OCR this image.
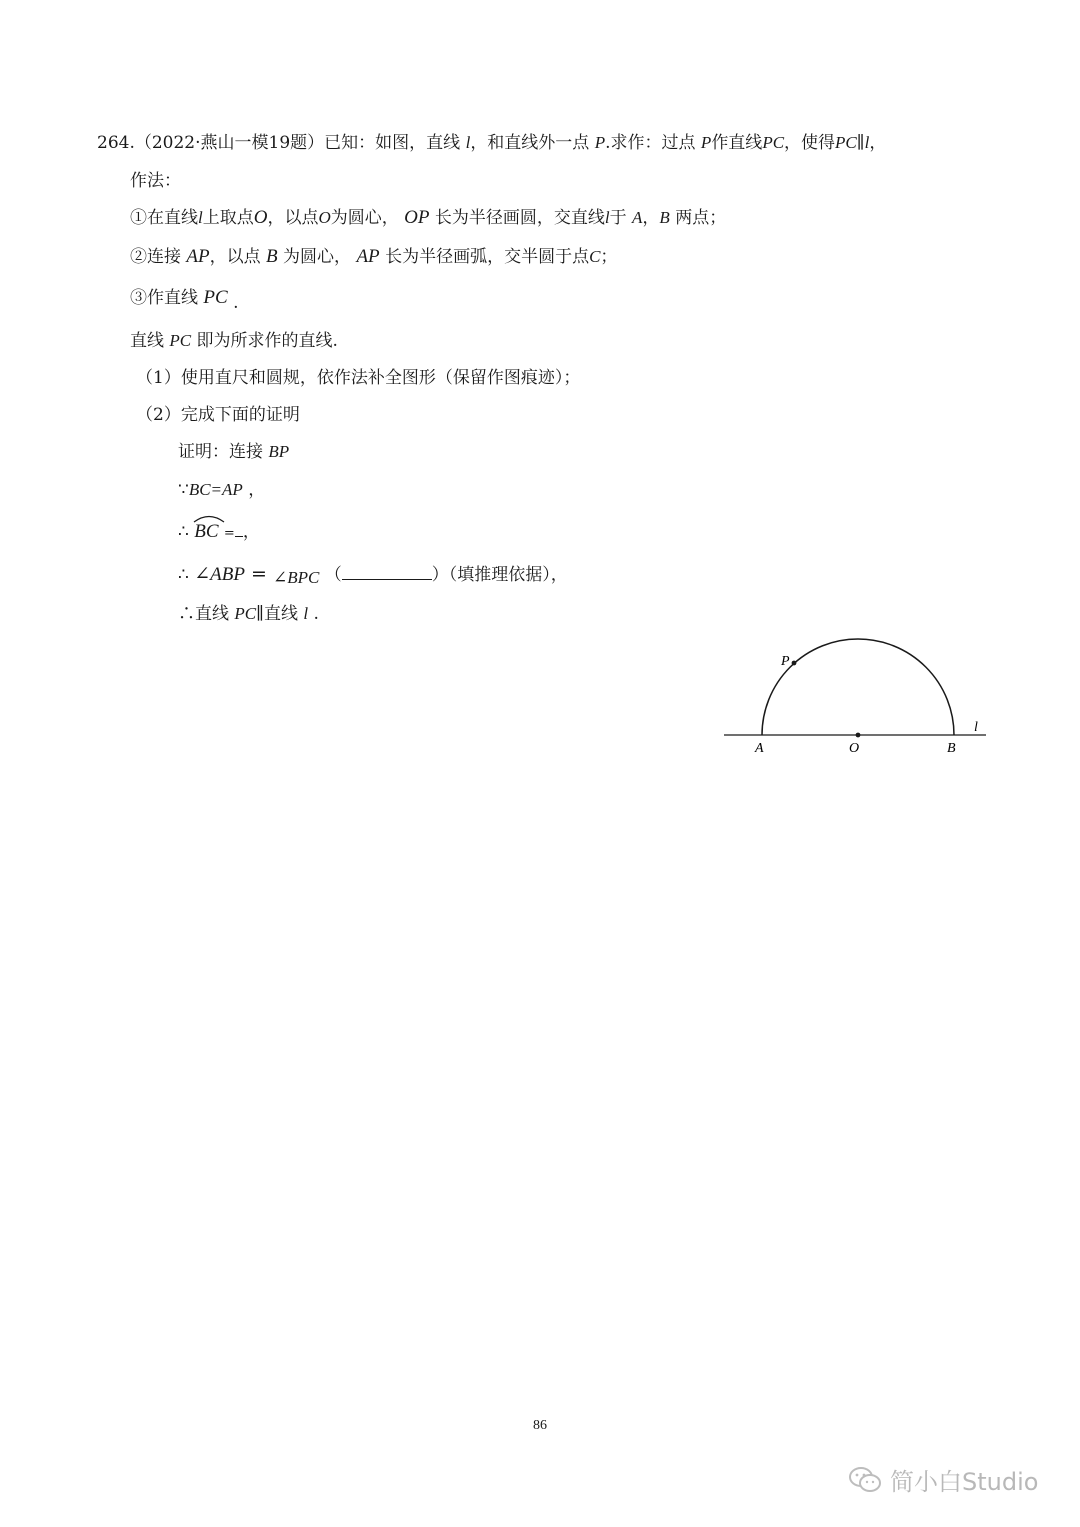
264.（2022·燕山一模19题）已知：如图，直线 l，和直线外一点 P.求作：过点 P作直线PC，使得PC∥l，
作法：
①在直线l上取点O，以点O为圆心， OP 长为半径画圆，交直线l于 A，B 两点；
②连接 AP，以点 B 为圆心， AP 长为半径画弧，交半圆于点C；
③作直线 PC .
直线 PC 即为所求作的直线.
（1）使用直尺和圆规，依作法补全图形（保留作图痕迹）；
（2）完成下面的证明
证明：连接 BP
∵BC=AP ，
∴ BC = ，
∴ ∠ABP = ∠BPC （	）（填推理依据），
∴直线 PC∥直线 l .
P
A	O	B
l
86
简小白Studio
